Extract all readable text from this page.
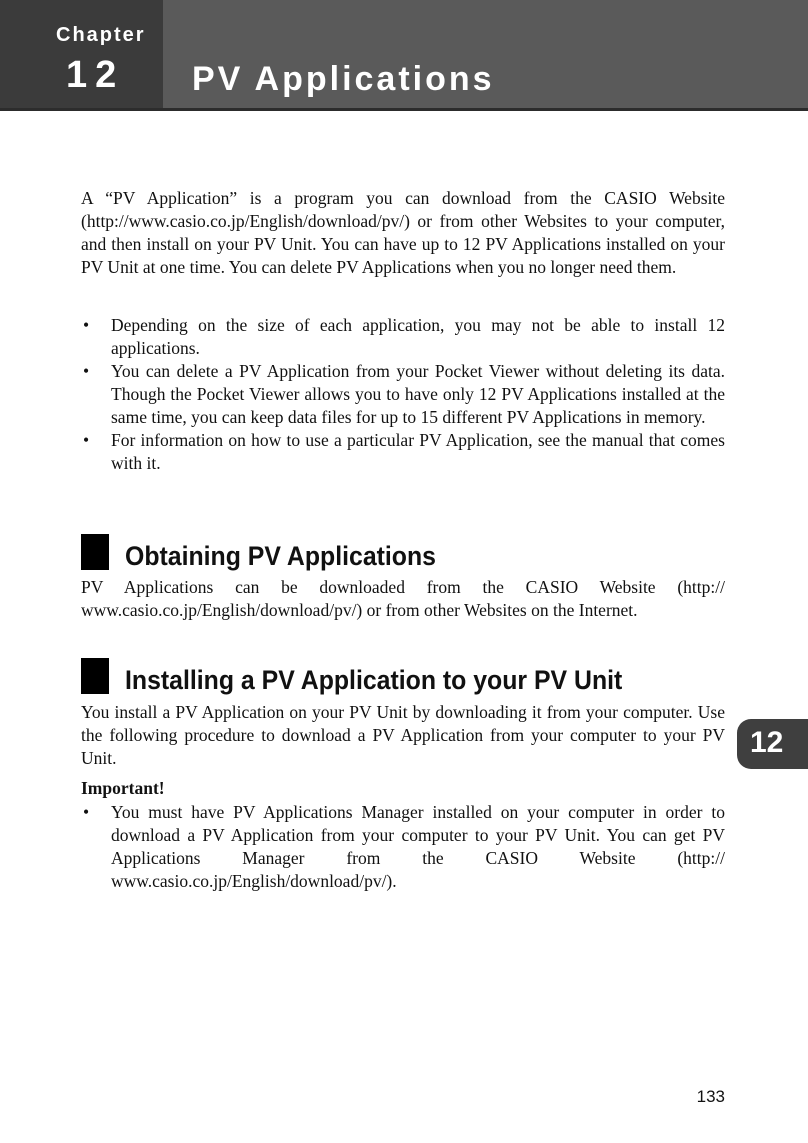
Chapter
12 PV Applications

A “PV Application” is a program you can download from the CASIO Website (http://www.casio.co.jp/English/download/pv/) or from other Websites to your computer, and then install on your PV Unit. You can have up to 12 PV Applications installed on your PV Unit at one time. You can delete PV Applications when you no longer need them.

• Depending on the size of each application, you may not be able to install 12 applications.
• You can delete a PV Application from your Pocket Viewer without deleting its data. Though the Pocket Viewer allows you to have only 12 PV Applications installed at the same time, you can keep data files for up to 15 different PV Applications in memory.
• For information on how to use a particular PV Application, see the manual that comes with it.
Obtaining PV Applications

PV Applications can be downloaded from the CASIO Website (http:// www.casio.co.jp/English/download/pv/) or from other Websites on the Internet.

Installing a PV Application to your PV Unit

You install a PV Application on your PV Unit by downloading it from your computer. Use the following procedure to download a PV Application from your computer to your PV Unit.

Important!
• You must have PV Applications Manager installed on your computer in order to download a PV Application from your computer to your PV Unit. You can get PV Applications Manager from the CASIO Website (http:// www.casio.co.jp/English/download/pv/).
12
133
